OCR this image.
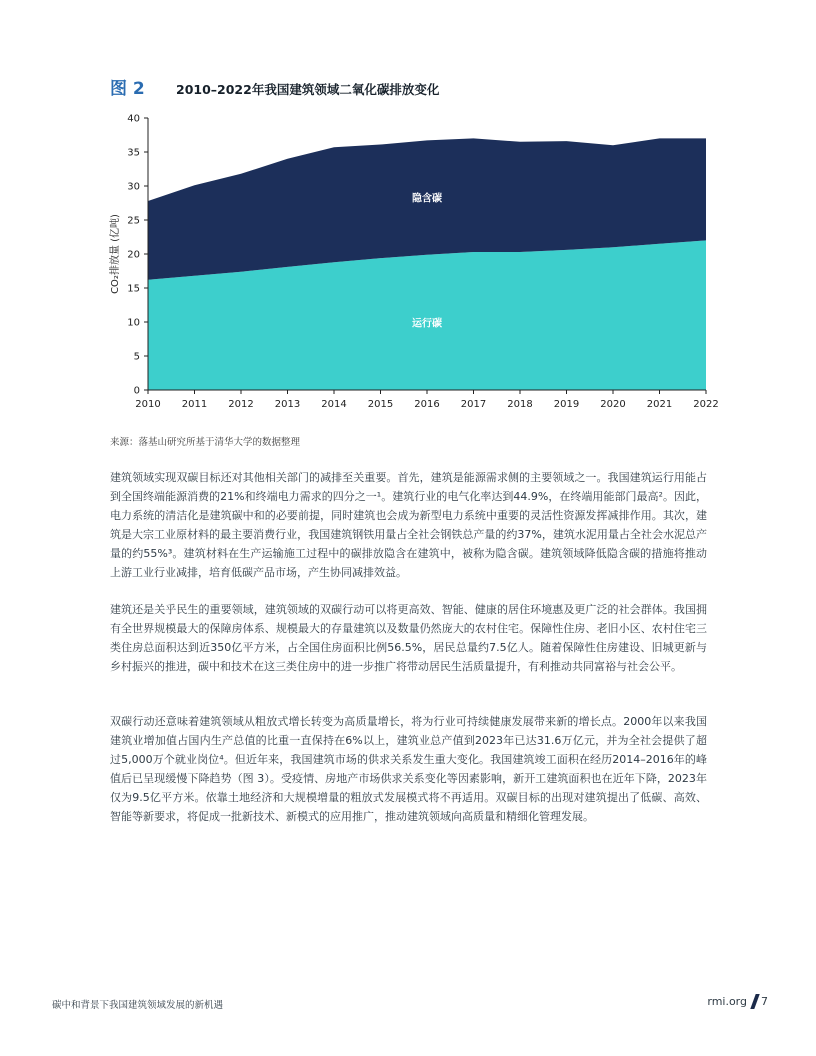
图 2	2010–2022年我国建筑领域二氧化碳排放变化
运行碳
隐含碳
0
5
10
15
20
25
30
35
40
2010 2011 2012 2013 2014 2015 2016 2017 2018 2019 2020 2021 2022
CO₂排放量 (亿吨)
来源：落基山研究所基于清华大学的数据整理

建筑领域实现双碳目标还对其他相关部门的减排至关重要。首先，建筑是能源需求侧的主要领域之一。我国建筑运行用能占到全国终端能源消费的21%和终端电力需求的四分之一¹。建筑行业的电气化率达到44.9%，在终端用能部门最高²。因此，电力系统的清洁化是建筑碳中和的必要前提，同时建筑也会成为新型电力系统中重要的灵活性资源发挥减排作用。其次，建筑是大宗工业原材料的最主要消费行业，我国建筑钢铁用量占全社会钢铁总产量的约37%，建筑水泥用量占全社会水泥总产量的约55%³。建筑材料在生产运输施工过程中的碳排放隐含在建筑中，被称为隐含碳。建筑领域降低隐含碳的措施将推动上游工业行业减排，培育低碳产品市场，产生协同减排效益。

建筑还是关乎民生的重要领域，建筑领域的双碳行动可以将更高效、智能、健康的居住环境惠及更广泛的社会群体。我国拥有全世界规模最大的保障房体系、规模最大的存量建筑以及数量仍然庞大的农村住宅。保障性住房、老旧小区、农村住宅三类住房总面积达到近350亿平方米，占全国住房面积比例56.5%，居民总量约7.5亿人。随着保障性住房建设、旧城更新与乡村振兴的推进，碳中和技术在这三类住房中的进一步推广将带动居民生活质量提升，有利推动共同富裕与社会公平。

双碳行动还意味着建筑领域从粗放式增长转变为高质量增长，将为行业可持续健康发展带来新的增长点。2000年以来我国建筑业增加值占国内生产总值的比重一直保持在6%以上，建筑业总产值到2023年已达31.6万亿元，并为全社会提供了超过5,000万个就业岗位⁴。但近年来，我国建筑市场的供求关系发生重大变化。我国建筑竣工面积在经历2014–2016年的峰值后已呈现缓慢下降趋势（图 3）。受疫情、房地产市场供求关系变化等因素影响，新开工建筑面积也在近年下降，2023年仅为9.5亿平方米。依靠土地经济和大规模增量的粗放式发展模式将不再适用。双碳目标的出现对建筑提出了低碳、高效、智能等新要求，将促成一批新技术、新模式的应用推广，推动建筑领域向高质量和精细化管理发展。

碳中和背景下我国建筑领域发展的新机遇	rmi.org 7
